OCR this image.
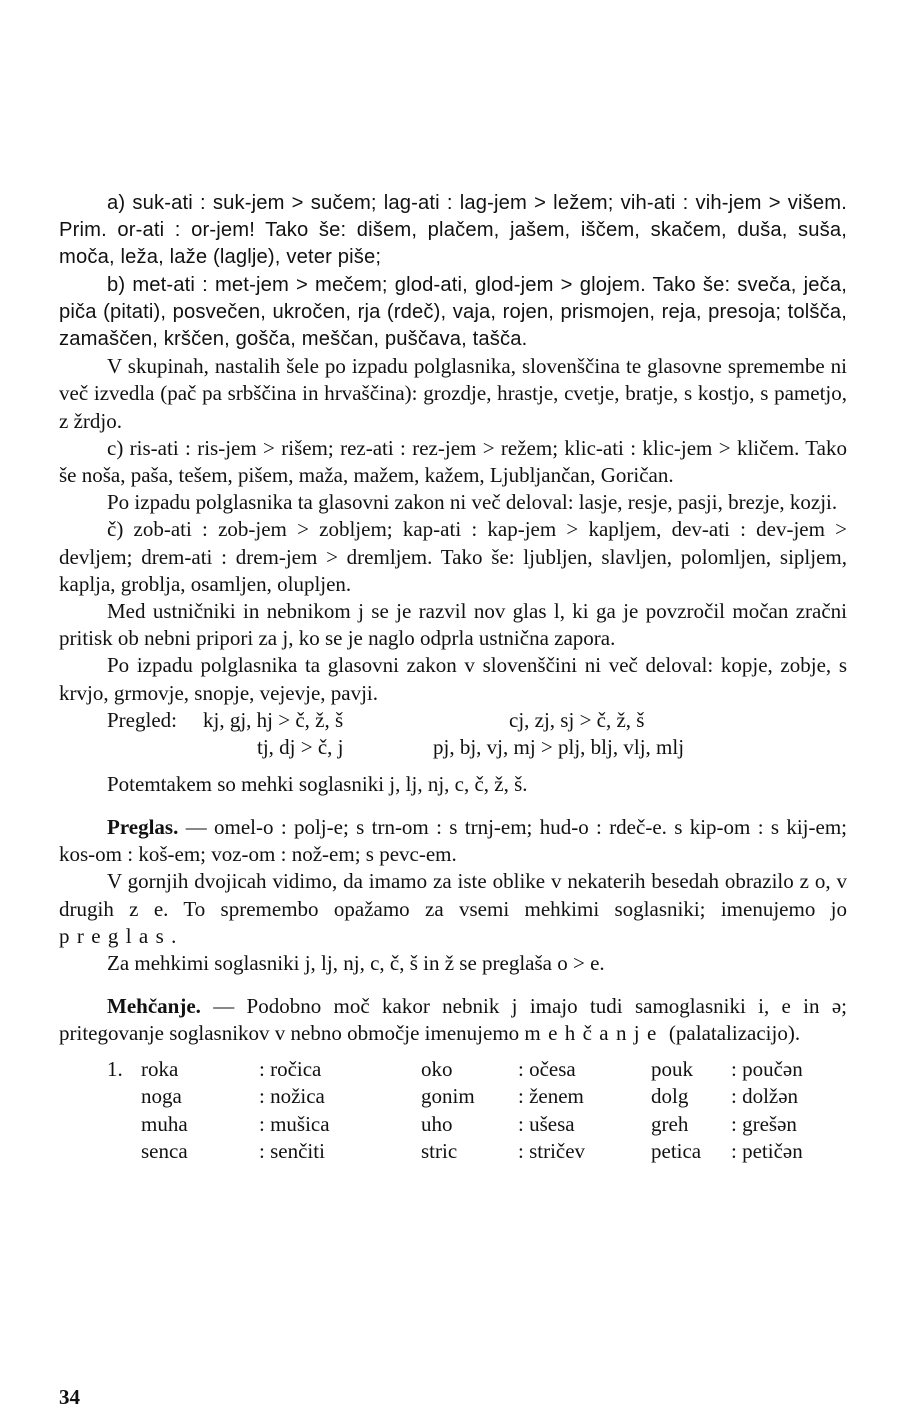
a) suk-ati : suk-jem > sučem; lag-ati : lag-jem > ležem; vih-ati : vih-jem > višem. Prim. or-ati : or-jem! Tako še: dišem, plačem, jašem, iščem, skačem, duša, suša, moča, leža, laže (laglje), veter piše;

b) met-ati : met-jem > mečem; glod-ati, glod-jem > glojem. Tako še: sveča, ječa, piča (pitati), posvečen, ukročen, rja (rdeč), vaja, rojen, prismojen, reja, presoja; tolšča, zamaščen, krščen, gošča, meščan, puščava, tašča.

V skupinah, nastalih šele po izpadu polglasnika, slovenščina te glasovne spremembe ni več izvedla (pač pa srbščina in hrvaščina): grozdje, hrastje, cvetje, bratje, s kostjo, s pametjo, z žrdjo.

c) ris-ati : ris-jem > rišem; rez-ati : rez-jem > režem; klic-ati : klic-jem > kličem. Tako še noša, paša, tešem, pišem, maža, mažem, kažem, Ljubljančan, Goričan.

Po izpadu polglasnika ta glasovni zakon ni več deloval: lasje, resje, pasji, brezje, kozji.

č) zob-ati : zob-jem > zobljem; kap-ati : kap-jem > kapljem, dev-ati : dev-jem > devljem; drem-ati : drem-jem > dremljem. Tako še: ljubljen, slavljen, polomljen, sipljem, kaplja, groblja, osamljen, olupljen.

Med ustničniki in nebnikom j se je razvil nov glas l, ki ga je povzročil močan zračni pritisk ob nebni pripori za j, ko se je naglo odprla ustnična zapora.

Po izpadu polglasnika ta glasovni zakon v slovenščini ni več deloval: kopje, zobje, s krvjo, grmovje, snopje, vejevje, pavji.

Pregled: kj, gj, hj > č, ž, š	cj, zj, sj > č, ž, š
tj, dj > č, j	pj, bj, vj, mj > plj, blj, vlj, mlj

Potemtakem so mehki soglasniki j, lj, nj, c, č, ž, š.

Preglas. — omel-o : polj-e; s trn-om : s trnj-em; hud-o : rdeč-e. s kip-om : s kij-em; kos-om : koš-em; voz-om : nož-em; s pevc-em.

V gornjih dvojicah vidimo, da imamo za iste oblike v nekaterih besedah obrazilo z o, v drugih z e. To spremembo opažamo za vsemi mehkimi soglasniki; imenujemo jo preglas.

Za mehkimi soglasniki j, lj, nj, c, č, š in ž se preglaša o > e.

Mehčanje. — Podobno moč kakor nebnik j imajo tudi samoglasniki i, e in ə; pritegovanje soglasnikov v nebno območje imenujemo mehčanje (palatalizacijo).

1. roka	: ročica	oko	: očesa	pouk : poučən
noga	: nožica	gonim : ženem	dolg : dolžən
muha	: mušica	uho	: ušesa	greh : grešən
senca	: senčiti	stric	: stričev	petica : petičən
34
